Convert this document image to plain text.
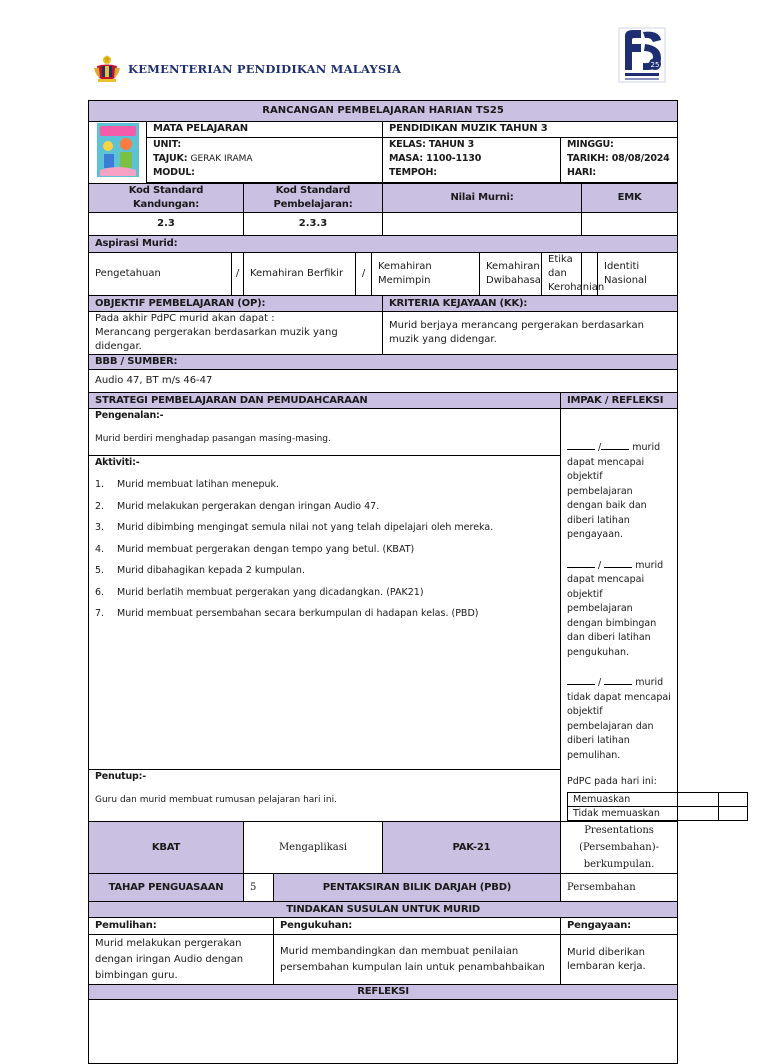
KEMENTERIAN PENDIDIKAN MALAYSIA	25
RANCANGAN PEMBELAJARAN HARIAN TS25
	MATA PELAJARAN	PENDIDIKAN MUZIK TAHUN 3

UNIT:
TAJUK: GERAK IRAMA
MODUL:

KELAS: TAHUN 3
MASA: 1100-1130
TEMPOH:

MINGGU:
TARIKH: 08/08/2024
HARI:

Kod Standard Kandungan:	Kod Standard Pembelajaran:	Nilai Murni:	EMK
2.3	2.3.3		
Aspirasi Murid:
Pengetahuan	/	Kemahiran Berfikir	/	Kemahiran Memimpin	Kemahiran Dwibahasa	Etika dan Kerohanian		Identiti Nasional
OBJEKTIF PEMBELAJARAN (OP):	KRITERIA KEJAYAAN (KK):

Pada akhir PdPC murid akan dapat :
Merancang pergerakan berdasarkan muzik yang didengar.
	Murid berjaya merancang pergerakan berdasarkan muzik yang didengar.
BBB / SUMBER:
Audio 47, BT m/s 46-47
STRATEGI PEMBELAJARAN DAN PEMUDAHCARAAN	IMPAK / REFLEKSI

Pengenalan:-
Murid berdiri menghadap pasangan masing-masing.
Aktiviti:-
1.	Murid membuat latihan menepuk.
2.	Murid melakukan pergerakan dengan iringan Audio 47.
3.	Murid dibimbing mengingat semula nilai not yang telah dipelajari oleh mereka.
4.	Murid membuat pergerakan dengan tempo yang betul. (KBAT)
5.	Murid dibahagikan kepada 2 kumpulan.
6.	Murid berlatih membuat pergerakan yang dicadangkan. (PAK21)
7.	Murid membuat persembahan secara berkumpulan di hadapan kelas. (PBD)

/	murid dapat mencapai objektif pembelajaran dengan baik dan diberi latihan pengayaan.

/	murid dapat mencapai objektif pembelajaran dengan bimbingan dan diberi latihan pengukuhan.

/	murid tidak dapat mencapai objektif pembelajaran dan diberi latihan pemulihan.

PdPC pada hari ini:
Memuaskan	
Tidak memuaskan	

Penutup:-
Guru dan murid membuat rumusan pelajaran hari ini.

KBAT	Mengaplikasi	PAK-21	Presentations (Persembahan)-berkumpulan.
TAHAP PENGUASAAN	5	PENTAKSIRAN BILIK DARJAH (PBD)	Persembahan
TINDAKAN SUSULAN UNTUK MURID
Pemulihan:	Pengukuhan:	Pengayaan:
Murid melakukan pergerakan dengan iringan Audio dengan bimbingan guru.	Murid membandingkan dan membuat penilaian persembahan kumpulan lain untuk penambahbaikan	Murid diberikan lembaran kerja.
REFLEKSI
